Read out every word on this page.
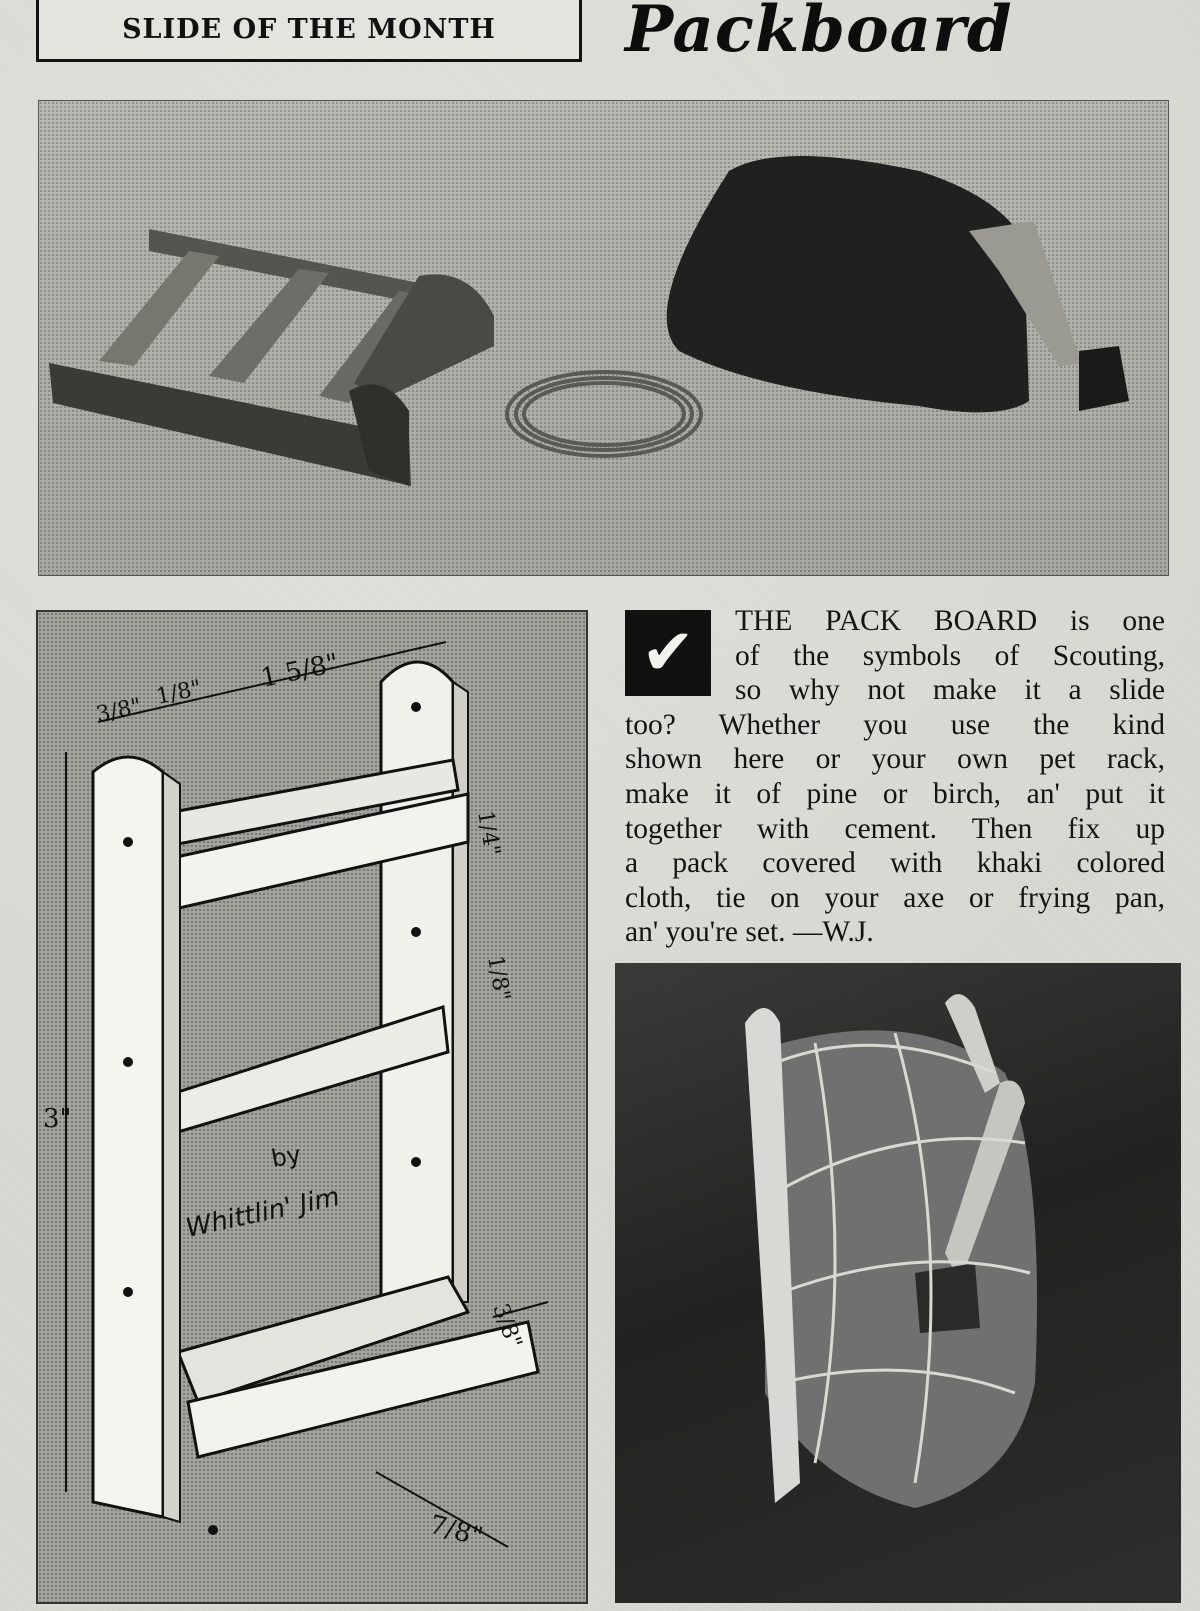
SLIDE OF THE MONTH Packboard
3"
3/8"
1/8" 1 5/8"
1/4"
1/8"
3/8"
7/8"
by
Whittlin' Jim
✔	THE PACK BOARD is one
of the symbols of Scouting,
so why not make it a slide
too? Whether you use the kind
shown here or your own pet rack,
make it of pine or birch, an' put it
together with cement. Then fix up
a pack covered with khaki colored
cloth, tie on your axe or frying pan,
an' you're set. —W.J.
